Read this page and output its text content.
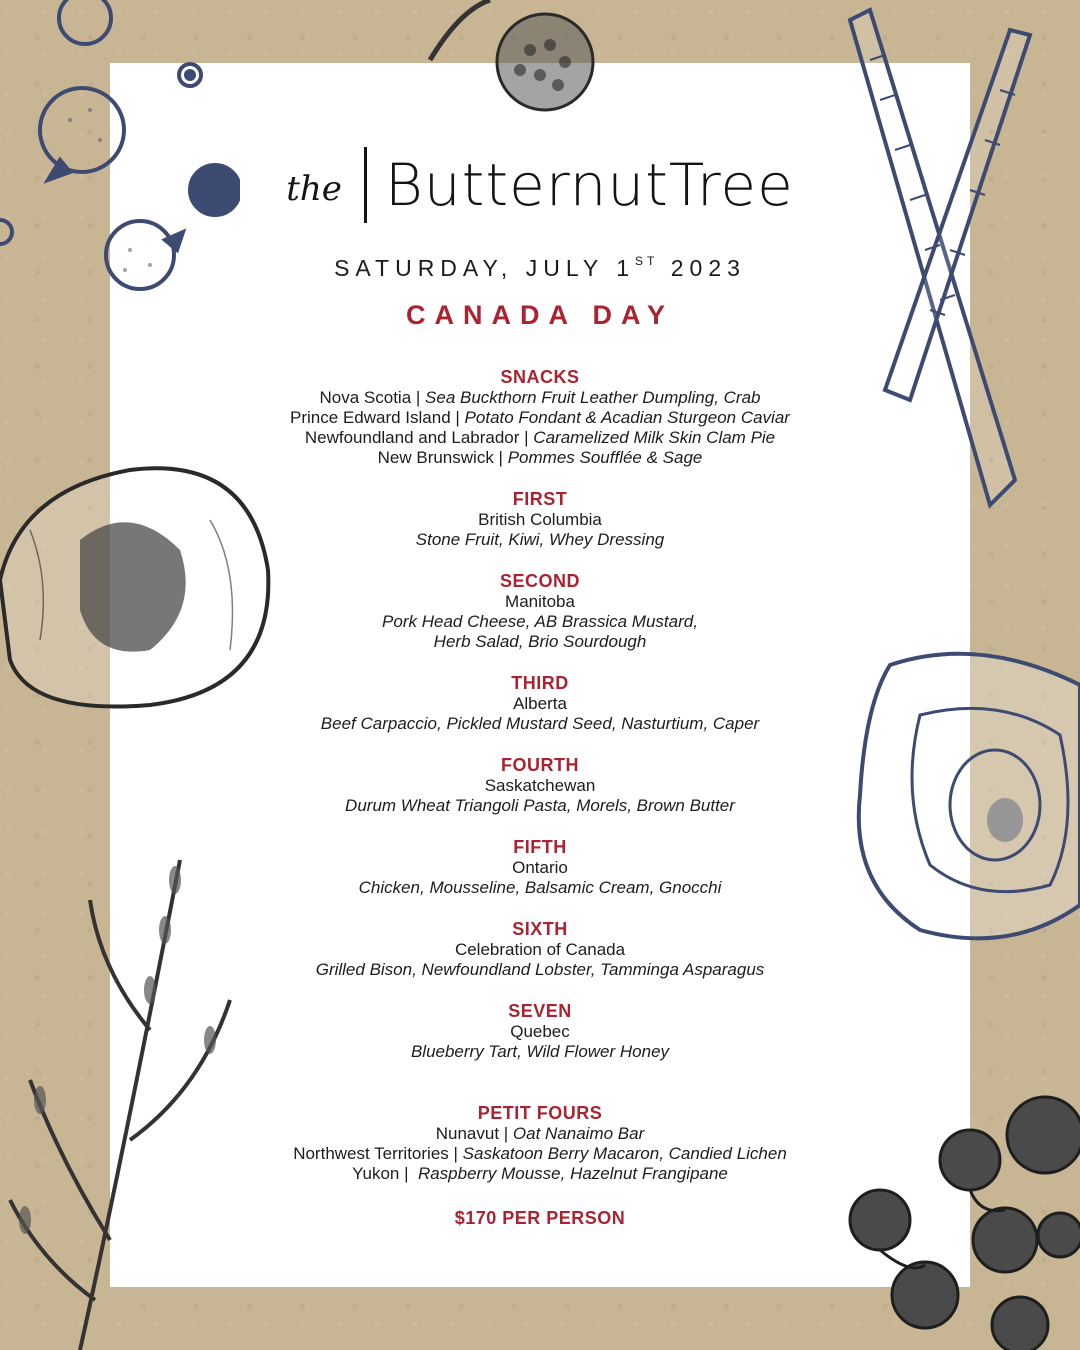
the ButternutTree
SATURDAY, JULY 1ST 2023
CANADA DAY
SNACKS
Nova Scotia | Sea Buckthorn Fruit Leather Dumpling, Crab
Prince Edward Island | Potato Fondant & Acadian Sturgeon Caviar
Newfoundland and Labrador | Caramelized Milk Skin Clam Pie
New Brunswick | Pommes Soufflée & Sage
FIRST
British Columbia
Stone Fruit, Kiwi, Whey Dressing
SECOND
Manitoba
Pork Head Cheese, AB Brassica Mustard,
Herb Salad, Brio Sourdough
THIRD
Alberta
Beef Carpaccio, Pickled Mustard Seed, Nasturtium, Caper
FOURTH
Saskatchewan
Durum Wheat Triangoli Pasta, Morels, Brown Butter
FIFTH
Ontario
Chicken, Mousseline, Balsamic Cream, Gnocchi
SIXTH
Celebration of Canada
Grilled Bison, Newfoundland Lobster, Tamminga Asparagus
SEVEN
Quebec
Blueberry Tart, Wild Flower Honey
PETIT FOURS
Nunavut | Oat Nanaimo Bar
Northwest Territories | Saskatoon Berry Macaron, Candied Lichen
Yukon |  Raspberry Mousse, Hazelnut Frangipane
$170 PER PERSON
